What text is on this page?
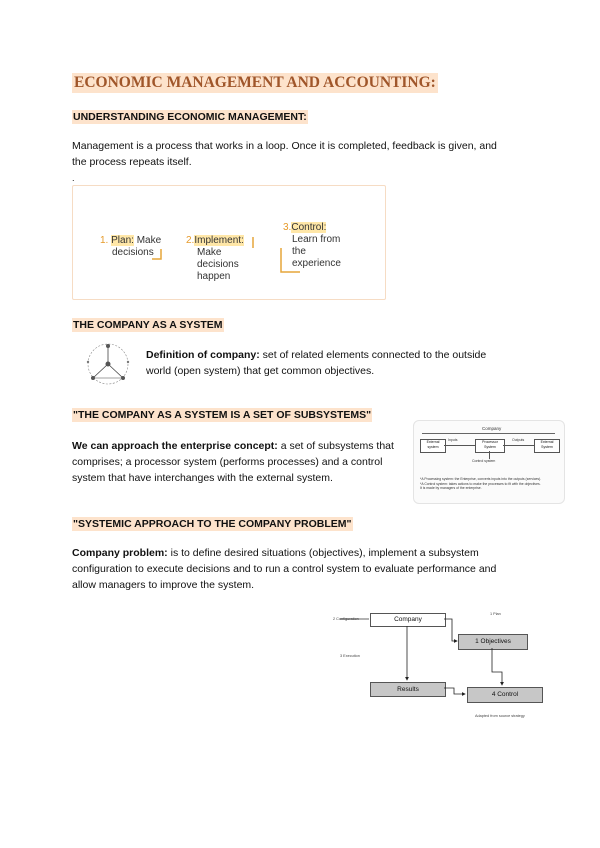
ECONOMIC MANAGEMENT AND ACCOUNTING:
UNDERSTANDING ECONOMIC MANAGEMENT:
Management is a process that works in a loop. Once it is completed, feedback is given, and
the process repeats itself.
.
1. Plan: Make
decisions
2.Implement:
Make
decisions
happen
3.Control:
Learn from
the
experience
THE COMPANY AS A SYSTEM
Definition of company: set of related elements connected to the outside
world (open system) that get common objectives.
"THE COMPANY AS A SYSTEM IS A SET OF SUBSYSTEMS"
We can approach the enterprise concept: a set of subsystems that
comprises; a processor system (performs processes) and a control
system that have interchanges with the external system.
Company
External system
Inputs	Processor System
Outputs	External System
Control system
*A Processing system: the Enterprise, converts inputs into the outputs (services).
*A Control system: takes actions to make the processes to fit with the objectives.
It is made by managers of the enterprise.
"SYSTEMIC APPROACH TO THE COMPANY PROBLEM"
Company problem: is to define desired situations (objectives), implement a subsystem
configuration to execute decisions and to run a control system to evaluate performance and
allow managers to improve the system.
2 Configuration
3 Execution
1 Plan
Company
1 Objectives
Results
4 Control
Adapted from source strategy
